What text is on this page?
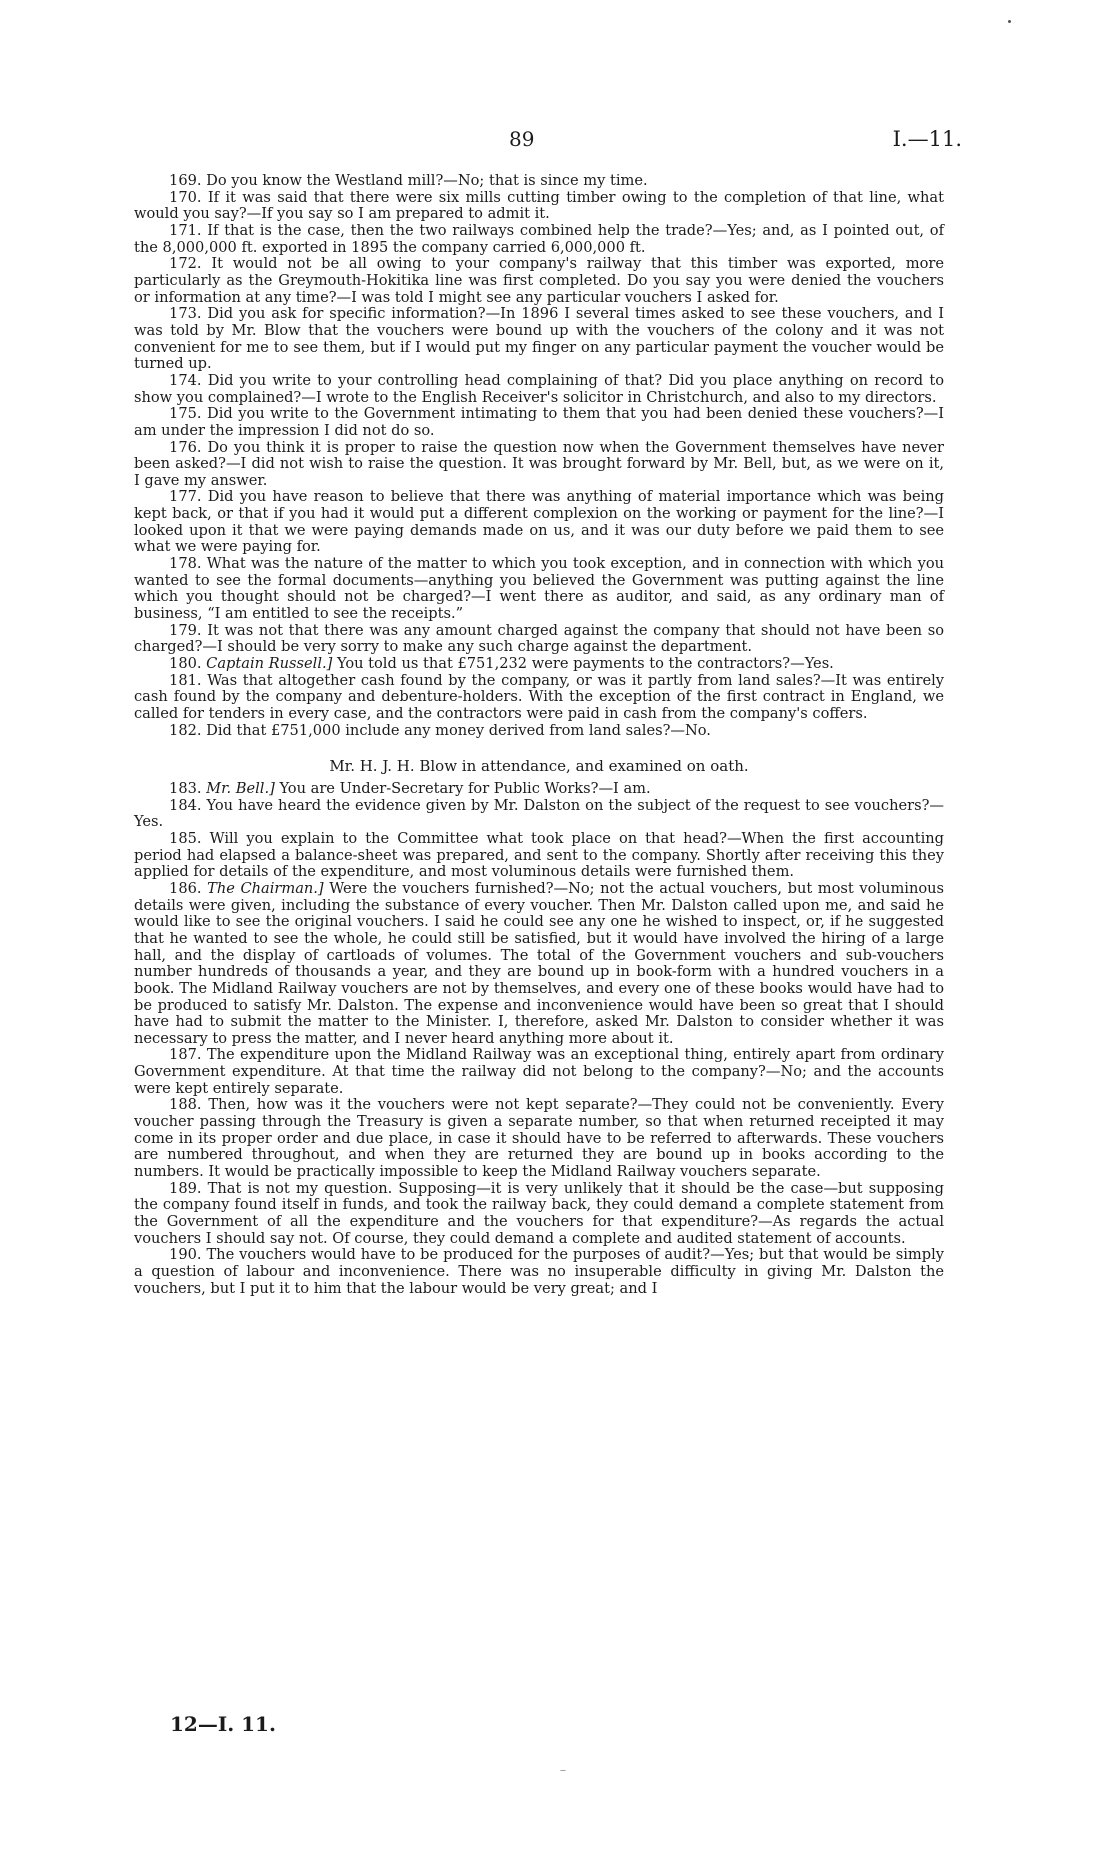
89	I.—11.

169. Do you know the Westland mill?—No; that is since my time.

170. If it was said that there were six mills cutting timber owing to the completion of that line, what would you say?—If you say so I am prepared to admit it.

171. If that is the case, then the two railways combined help the trade?—Yes; and, as I pointed out, of the 8,000,000 ft. exported in 1895 the company carried 6,000,000 ft.

172. It would not be all owing to your company's railway that this timber was exported, more particularly as the Greymouth-Hokitika line was first completed. Do you say you were denied the vouchers or information at any time?—I was told I might see any particular vouchers I asked for.

173. Did you ask for specific information?—In 1896 I several times asked to see these vouchers, and I was told by Mr. Blow that the vouchers were bound up with the vouchers of the colony and it was not convenient for me to see them, but if I would put my finger on any particular payment the voucher would be turned up.

174. Did you write to your controlling head complaining of that? Did you place anything on record to show you complained?—I wrote to the English Receiver's solicitor in Christchurch, and also to my directors.

175. Did you write to the Government intimating to them that you had been denied these vouchers?—I am under the impression I did not do so.

176. Do you think it is proper to raise the question now when the Government themselves have never been asked?—I did not wish to raise the question. It was brought forward by Mr. Bell, but, as we were on it, I gave my answer.

177. Did you have reason to believe that there was anything of material importance which was being kept back, or that if you had it would put a different complexion on the working or payment for the line?—I looked upon it that we were paying demands made on us, and it was our duty before we paid them to see what we were paying for.

178. What was the nature of the matter to which you took exception, and in connection with which you wanted to see the formal documents—anything you believed the Government was putting against the line which you thought should not be charged?—I went there as auditor, and said, as any ordinary man of business, “I am entitled to see the receipts.”

179. It was not that there was any amount charged against the company that should not have been so charged?—I should be very sorry to make any such charge against the department.

180. Captain Russell.] You told us that £751,232 were payments to the contractors?—Yes.

181. Was that altogether cash found by the company, or was it partly from land sales?—It was entirely cash found by the company and debenture-holders. With the exception of the first contract in England, we called for tenders in every case, and the contractors were paid in cash from the company's coffers.

182. Did that £751,000 include any money derived from land sales?—No.

Mr. H. J. H. Blow in attendance, and examined on oath.

183. Mr. Bell.] You are Under-Secretary for Public Works?—I am.

184. You have heard the evidence given by Mr. Dalston on the subject of the request to see vouchers?—Yes.

185. Will you explain to the Committee what took place on that head?—When the first accounting period had elapsed a balance-sheet was prepared, and sent to the company. Shortly after receiving this they applied for details of the expenditure, and most voluminous details were furnished them.

186. The Chairman.] Were the vouchers furnished?—No; not the actual vouchers, but most voluminous details were given, including the substance of every voucher. Then Mr. Dalston called upon me, and said he would like to see the original vouchers. I said he could see any one he wished to inspect, or, if he suggested that he wanted to see the whole, he could still be satisfied, but it would have involved the hiring of a large hall, and the display of cartloads of volumes. The total of the Government vouchers and sub-vouchers number hundreds of thousands a year, and they are bound up in book-form with a hundred vouchers in a book. The Midland Railway vouchers are not by themselves, and every one of these books would have had to be produced to satisfy Mr. Dalston. The expense and inconvenience would have been so great that I should have had to submit the matter to the Minister. I, therefore, asked Mr. Dalston to consider whether it was necessary to press the matter, and I never heard anything more about it.

187. The expenditure upon the Midland Railway was an exceptional thing, entirely apart from ordinary Government expenditure. At that time the railway did not belong to the company?—No; and the accounts were kept entirely separate.

188. Then, how was it the vouchers were not kept separate?—They could not be conveniently. Every voucher passing through the Treasury is given a separate number, so that when returned receipted it may come in its proper order and due place, in case it should have to be referred to afterwards. These vouchers are numbered throughout, and when they are returned they are bound up in books according to the numbers. It would be practically impossible to keep the Midland Railway vouchers separate.

189. That is not my question. Supposing—it is very unlikely that it should be the case—but supposing the company found itself in funds, and took the railway back, they could demand a complete statement from the Government of all the expenditure and the vouchers for that expenditure?—As regards the actual vouchers I should say not. Of course, they could demand a complete and audited statement of accounts.

190. The vouchers would have to be produced for the purposes of audit?—Yes; but that would be simply a question of labour and inconvenience. There was no insuperable difficulty in giving Mr. Dalston the vouchers, but I put it to him that the labour would be very great; and I

12—I. 11.
